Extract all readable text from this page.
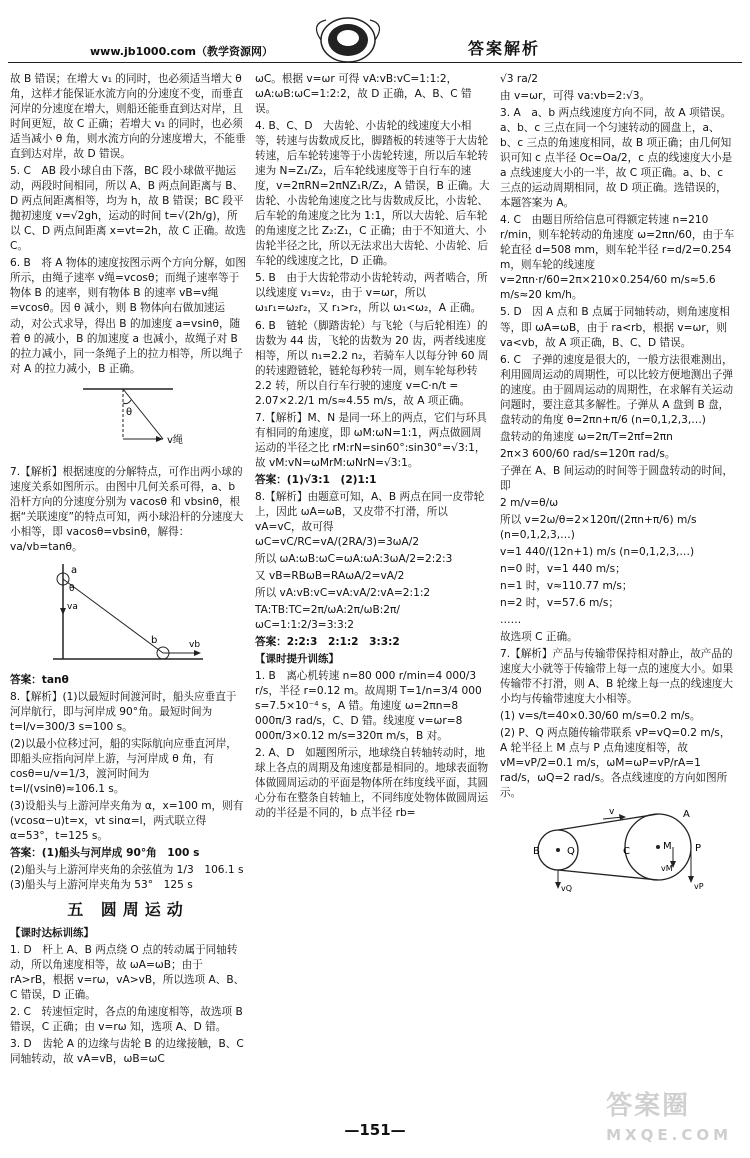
www.jb1000.com（教学资源网）	答案解析

故 B 错误；在增大 v₁ 的同时，也必须适当增大 θ 角，这样才能保证水流方向的分速度不变，而垂直河岸的分速度在增大，则船还能垂直到达对岸，且时间更短，故 C 正确；若增大 v₁ 的同时，也必须适当减小 θ 角，则水流方向的分速度增大，不能垂直到达对岸，故 D 错误。

5. C　AB 段小球自由下落，BC 段小球做平抛运动，两段时间相同，所以 A、B 两点间距离与 B、D 两点间距离相等，均为 h，故 B 错误；BC 段平抛初速度 v=√2gh，运动的时间 t=√(2h/g)，所以 C、D 两点间距离 x=vt=2h，故 C 正确。故选 C。

6. B　将 A 物体的速度按图示两个方向分解，如图所示，由绳子速率 v绳=vcosθ；而绳子速率等于物体 B 的速率，则有物体 B 的速率 vB=v绳=vcosθ。因 θ 减小，则 B 物体向右做加速运动，对公式求导，得出 B 的加速度 a=vsinθ，随着 θ 的减小，B 的加速度 a 也减小，故绳子对 B 的拉力减小，同一条绳子上的拉力相等，所以绳子对 A 的拉力减小，B 正确。

θ
v绳

7.【解析】根据速度的分解特点，可作出两小球的速度关系如图所示。由图中几何关系可得，a、b 沿杆方向的分速度分别为 vacosθ 和 vbsinθ，根据“关联速度”的特点可知，两小球沿杆的分速度大小相等，即 vacosθ=vbsinθ，解得：va/vb=tanθ。

a
b
va
θ
vb

答案：tanθ

8.【解析】(1)以最短时间渡河时，船头应垂直于河岸航行，即与河岸成 90°角。最短时间为 t=l/v=300/3 s=100 s。

(2)以最小位移过河，船的实际航向应垂直河岸，即船头应指向河岸上游，与河岸成 θ 角，有 cosθ=u/v=1/3，渡河时间为 t=l/(vsinθ)≈106.1 s。

(3)设船头与上游河岸夹角为 α，x=100 m，则有 (vcosα−u)t=x，vt sinα=l，两式联立得 α=53°，t=125 s。

答案：(1)船头与河岸成 90°角　100 s

(2)船头与上游河岸夹角的余弦值为 1/3　106.1 s　(3)船头与上游河岸夹角为 53°　125 s

五 圆周运动

【课时达标训练】

1. D　杆上 A、B 两点绕 O 点的转动属于同轴转动，所以角速度相等，故 ωA=ωB；由于 rA>rB，根据 v=rω，vA>vB，所以选项 A、B、C 错误，D 正确。

2. C　转速恒定时，各点的角速度相等，故选项 B 错误，C 正确；由 v=rω 知，选项 A、D 错。

3. D　齿轮 A 的边缘与齿轮 B 的边缘接触，B、C 同轴转动，故 vA=vB，ωB=ωC

ωC。根据 v=ωr 可得 vA:vB:vC=1:1:2，ωA:ωB:ωC=1:2:2，故 D 正确，A、B、C 错误。

4. B、C、D　大齿轮、小齿轮的线速度大小相等，转速与齿数成反比，脚踏板的转速等于大齿轮转速，后车轮转速等于小齿轮转速，所以后车轮转速为 N=Z₁/Z₂，后车轮线速度等于自行车的速度，v=2πRN=2πNZ₁R/Z₂，A 错误，B 正确。大齿轮、小齿轮角速度之比与齿数成反比，小齿轮、后车轮的角速度之比为 1:1，所以大齿轮、后车轮的角速度之比 Z₂:Z₁，C 正确；由于不知道大、小齿轮半径之比，所以无法求出大齿轮、小齿轮、后车轮的线速度之比，D 正确。

5. B　由于大齿轮带动小齿轮转动，两者啮合，所以线速度 v₁=v₂，由于 v=ωr，所以 ω₁r₁=ω₂r₂，又 r₁>r₂，所以 ω₁<ω₂，A 正确。

6. B　链轮（脚踏齿轮）与飞轮（与后轮相连）的齿数为 44 齿，飞轮的齿数为 20 齿，两者线速度相等，所以 n₁=2.2 n₂，若骑车人以每分钟 60 周的转速蹬链轮，链轮每秒转一周，则车轮每秒转 2.2 转，所以自行车行驶的速度 v=C·n/t = 2.07×2.2/1 m/s≈4.55 m/s，故 A 项正确。

7.【解析】M、N 是同一环上的两点，它们与环具有相同的角速度，即 ωM:ωN=1:1，两点做圆周运动的半径之比 rM:rN=sin60°:sin30°=√3:1，故 vM:vN=ωMrM:ωNrN=√3:1。

答案：(1)√3:1　(2)1:1

8.【解析】由题意可知，A、B 两点在同一皮带轮上，因此 ωA=ωB，又皮带不打滑，所以 vA=vC，故可得 ωC=vC/RC=vA/(2RA/3)=3ωA/2

所以 ωA:ωB:ωC=ωA:ωA:3ωA/2=2:2:3

又 vB=RBωB=RAωA/2=vA/2

所以 vA:vB:vC=vA:vA/2:vA=2:1:2

TA:TB:TC=2π/ωA:2π/ωB:2π/ωC=1:1:2/3=3:3:2

答案：2:2:3　2:1:2　3:3:2

【课时提升训练】

1. B　离心机转速 n=80 000 r/min=4 000/3 r/s，半径 r=0.12 m。故周期 T=1/n=3/4 000 s=7.5×10⁻⁴ s，A 错。角速度 ω=2πn=8 000π/3 rad/s，C、D 错。线速度 v=ωr=8 000π/3×0.12 m/s=320π m/s，B 对。

2. A、D　如题图所示，地球绕自转轴转动时，地球上各点的周期及角速度都是相同的。地球表面物体做圆周运动的平面是物体所在纬度线平面，其圆心分布在整条自转轴上，不同纬度处物体做圆周运动的半径是不同的，b 点半径 rb=

√3 ra/2

由 v=ωr，可得 va:vb=2:√3。

3. A　a、b 两点线速度方向不同，故 A 项错误。a、b、c 三点在同一个匀速转动的圆盘上，a、b、c 三点的角速度相同，故 B 项正确；由几何知识可知 c 点半径 Oc=Oa/2，c 点的线速度大小是 a 点线速度大小的一半，故 C 项正确。a、b、c 三点的运动周期相同，故 D 项正确。选错误的，本题答案为 A。

4. C　由题目所给信息可得额定转速 n=210 r/min，则车轮转动的角速度 ω=2πn/60，由于车轮直径 d=508 mm，则车轮半径 r=d/2=0.254 m，则车轮的线速度 v=2πn·r/60=2π×210×0.254/60 m/s≈5.6 m/s≈20 km/h。

5. D　因 A 点和 B 点属于同轴转动，则角速度相等，即 ωA=ωB，由于 ra<rb，根据 v=ωr，则 va<vb，故 A 项正确，B、C、D 错误。

6. C　子弹的速度是很大的，一般方法很难测出，利用圆周运动的周期性，可以比较方便地测出子弹的速度。由于圆周运动的周期性，在求解有关运动问题时，要注意其多解性。子弹从 A 盘到 B 盘，盘转动的角度 θ=2πn+π/6 (n=0,1,2,3,…)

盘转动的角速度 ω=2π/T=2πf=2πn

2π×3 600/60 rad/s=120π rad/s。

子弹在 A、B 间运动的时间等于圆盘转动的时间，即

2 m/v=θ/ω

所以 v=2ω/θ=2×120π/(2πn+π/6) m/s (n=0,1,2,3,…)

v=1 440/(12n+1) m/s (n=0,1,2,3,…)

n=0 时，v=1 440 m/s；

n=1 时，v≈110.77 m/s；

n=2 时，v=57.6 m/s；

……

故选项 C 正确。

7.【解析】产品与传输带保持相对静止，故产品的速度大小就等于传输带上每一点的速度大小。如果传输带不打滑，则 A、B 轮缘上每一点的线速度大小均与传输带速度大小相等。

(1) v=s/t=40×0.30/60 m/s=0.2 m/s。

(2) P、Q 两点随传输带联系 vP=vQ=0.2 m/s，A 轮半径上 M 点与 P 点角速度相等，故 vM=vP/2=0.1 m/s，ωM=ωP=vP/rA=1 rad/s，ωQ=2 rad/s。各点线速度的方向如图所示。

B	Q	C	M P
A
v
vQ	vP
vM
—151—
答案圈
MXQE.COM
